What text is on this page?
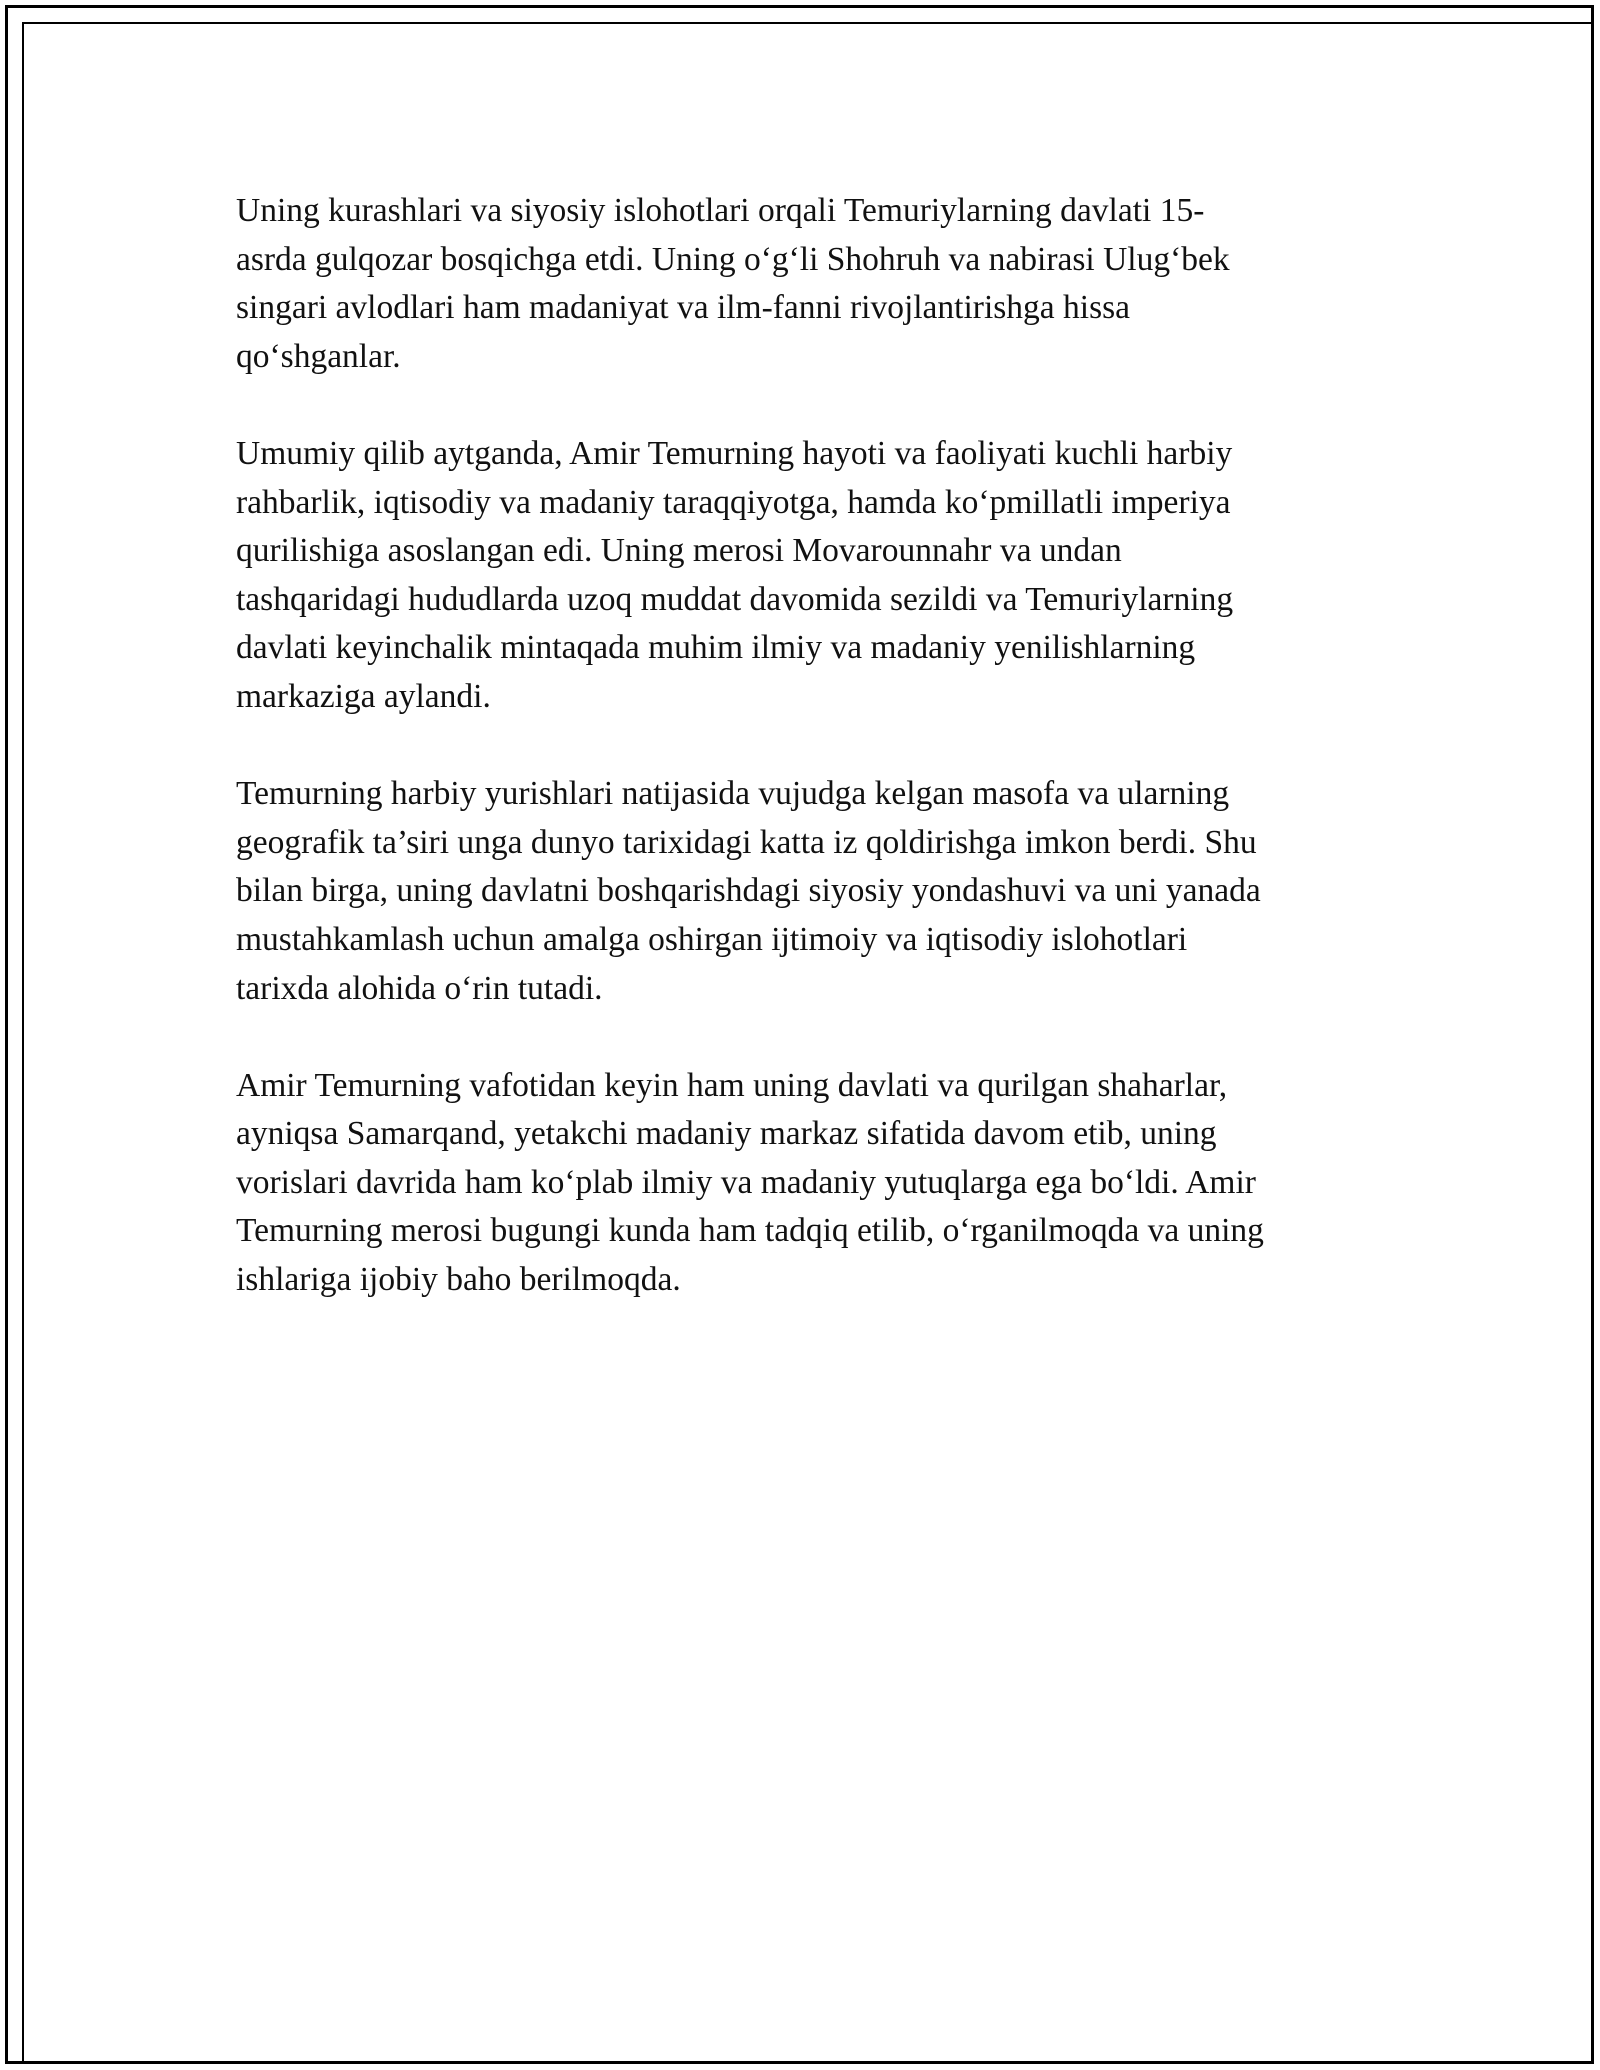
Uning kurashlari va siyosiy islohotlari orqali Temuriylarning davlati 15-
asrda gulqozar bosqichga etdi. Uning o‘g‘li Shohruh va nabirasi Ulug‘bek
singari avlodlari ham madaniyat va ilm-fanni rivojlantirishga hissa
qo‘shganlar.

Umumiy qilib aytganda, Amir Temurning hayoti va faoliyati kuchli harbiy
rahbarlik, iqtisodiy va madaniy taraqqiyotga, hamda ko‘pmillatli imperiya
qurilishiga asoslangan edi. Uning merosi Movarounnahr va undan
tashqaridagi hududlarda uzoq muddat davomida sezildi va Temuriylarning
davlati keyinchalik mintaqada muhim ilmiy va madaniy yenilishlarning
markaziga aylandi.

Temurning harbiy yurishlari natijasida vujudga kelgan masofa va ularning
geografik ta’siri unga dunyo tarixidagi katta iz qoldirishga imkon berdi. Shu
bilan birga, uning davlatni boshqarishdagi siyosiy yondashuvi va uni yanada
mustahkamlash uchun amalga oshirgan ijtimoiy va iqtisodiy islohotlari
tarixda alohida o‘rin tutadi.

Amir Temurning vafotidan keyin ham uning davlati va qurilgan shaharlar,
ayniqsa Samarqand, yetakchi madaniy markaz sifatida davom etib, uning
vorislari davrida ham ko‘plab ilmiy va madaniy yutuqlarga ega bo‘ldi. Amir
Temurning merosi bugungi kunda ham tadqiq etilib, o‘rganilmoqda va uning
ishlariga ijobiy baho berilmoqda.
